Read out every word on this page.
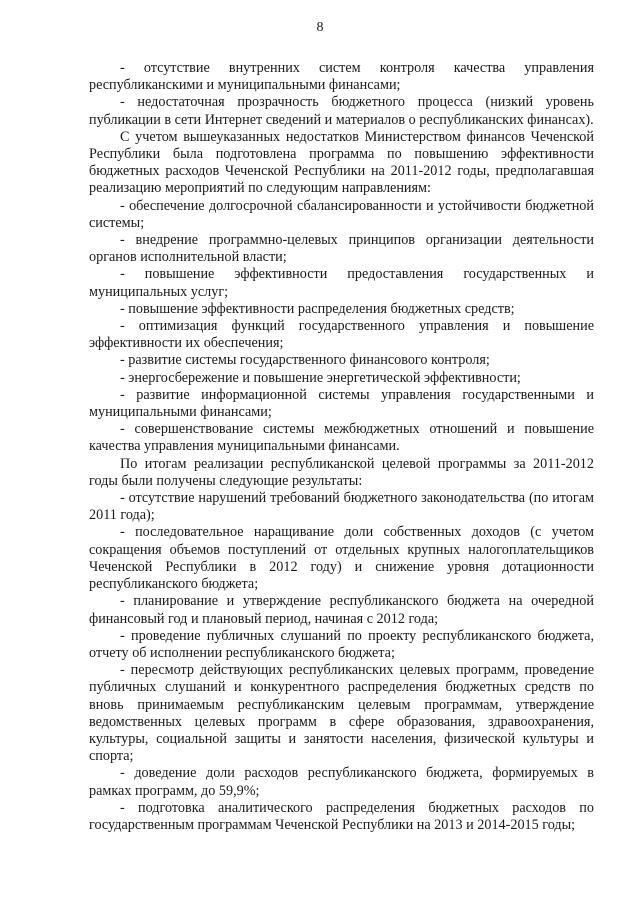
8

- отсутствие внутренних систем контроля качества управления республиканскими и муниципальными финансами;

- недостаточная прозрачность бюджетного процесса (низкий уровень публикации в сети Интернет сведений и материалов о республиканских финансах).

С учетом вышеуказанных недостатков Министерством финансов Чеченской Республики была подготовлена программа по повышению эффективности бюджетных расходов Чеченской Республики на 2011-2012 годы, предполагавшая реализацию мероприятий по следующим направлениям:

- обеспечение долгосрочной сбалансированности и устойчивости бюджетной системы;

- внедрение программно-целевых принципов организации деятельности органов исполнительной власти;

- повышение эффективности предоставления государственных и муниципальных услуг;

- повышение эффективности распределения бюджетных средств;

- оптимизация функций государственного управления и повышение эффективности их обеспечения;

- развитие системы государственного финансового контроля;

- энергосбережение и повышение энергетической эффективности;

- развитие информационной системы управления государственными и муниципальными финансами;

- совершенствование системы межбюджетных отношений и повышение качества управления муниципальными финансами.

По итогам реализации республиканской целевой программы за 2011-2012 годы были получены следующие результаты:

- отсутствие нарушений требований бюджетного законодательства (по итогам 2011 года);

- последовательное наращивание доли собственных доходов (с учетом сокращения объемов поступлений от отдельных крупных налогоплательщиков Чеченской Республики в 2012 году) и снижение уровня дотационности республиканского бюджета;

- планирование и утверждение республиканского бюджета на очередной финансовый год и плановый период, начиная с 2012 года;

- проведение публичных слушаний по проекту республиканского бюджета, отчету об исполнении республиканского бюджета;

- пересмотр действующих республиканских целевых программ, проведение публичных слушаний и конкурентного распределения бюджетных средств по вновь принимаемым республиканским целевым программам, утверждение ведомственных целевых программ в сфере образования, здравоохранения, культуры, социальной защиты и занятости населения, физической культуры и спорта;

- доведение доли расходов республиканского бюджета, формируемых в рамках программ, до 59,9%;

- подготовка аналитического распределения бюджетных расходов по государственным программам Чеченской Республики на 2013 и 2014-2015 годы;
